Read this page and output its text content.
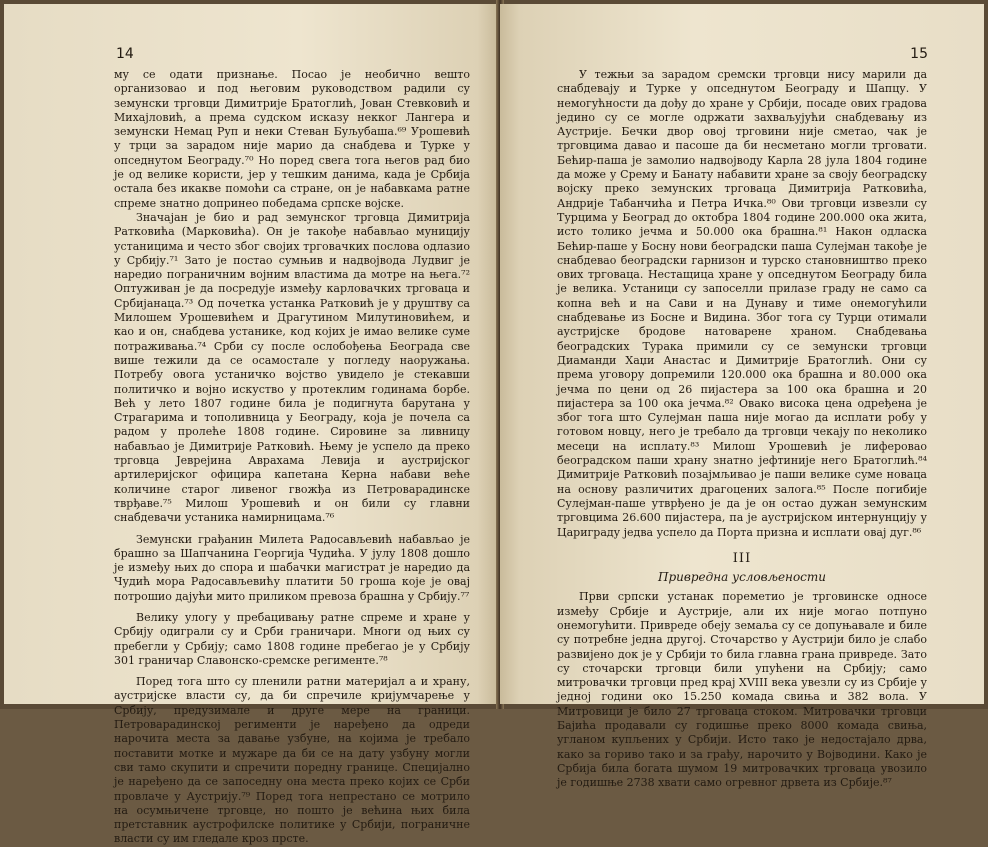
14

му се одати признање. Посао је необично вешто организовао и под његовим руководством радили су земунски трговци Димитрије Братоглић, Јован Стевковић и Михајловић, а према судском исказу некког Лангера и земунски Немац Руп и неки Стеван Буљубаша.⁶⁹ Урошевић у трци за зарадом није марио да снабдева и Турке у опседнутом Београду.⁷⁰ Но поред свега тога његов рад био је од велике користи, јер у тешким данима, када је Србија остала без икакве помоћи са стране, он је набавкама ратне спреме знатно допринео победама српске војске.

Значајан је био и рад земунског трговца Димитрија Ратковића (Марковића). Он је такође набављао муницију устаницима и често због својих трговачких послова одлазио у Србију.⁷¹ Зато је постао сумњив и надвојвода Лудвиг је наредио пограничним војним властима да мотре на њега.⁷² Оптуживан је да посредује између карловачких трговаца и Србијанаца.⁷³ Од почетка устанка Ратковић је у друштву са Милошем Урошевићем и Драгутином Милутиновићем, и као и он, снабдева устанике, код којих је имао велике суме потраживања.⁷⁴ Срби су после ослобођења Београда све више тежили да се осамосталe у погледу наоружања. Потребу овога устаничко војство увидело је стекавши политичко и војно искуство у протеклим годинама борбе. Већ у лето 1807 године била је подигнута барутана у Страгарима и тополивница у Београду, која је почела са радом у пролеће 1808 године. Сировине за ливницу набављао је Димитрије Ратковић. Њему је успело да преко трговца Јеврејина Аврахама Левија и аустријског артилеријског официра капетана Керна набави веће количине старог ливеног гвожђа из Петроварадинске тврђаве.⁷⁵ Милош Урошевић и он били су главни снабдевачи устаника намирницама.⁷⁶

Земунски грађанин Милета Радосављевић набављао је брашно за Шапчанина Георгија Чудића. У јулу 1808 дошло је између њих до спора и шабачки магистрат је наредио да Чудић мора Радосављевићу платити 50 гроша које је овај потрошио дајући мито приликом превоза брашна у Србију.⁷⁷

Велику улогу у пребацивању ратне спреме и хране у Србију одиграли су и Срби граничари. Многи од њих су пребегли у Србију; само 1808 године пребегао је у Србију 301 граничар Славонско-сремске регименте.⁷⁸

Поред тога што су пленили ратни материјал а и храну, аустријске власти су, да би спречиле кријумчарење у Србију, предузимале и друге мере на граници. Петроварадинској регименти је наређено да одреди нарочита места за давање узбуне, на којима је требало поставити мотке и мужаре да би се на дату узбуну могли сви тамо скупити и спречити поредну границе. Специјално је наређено да се запоседну она места преко којих се Срби провлаче у Аустрију.⁷⁹ Поред тога непрестано се мотрило на осумњичене трговце, но пошто је већина њих била претставник аустрофилске политике у Србији, пограничне власти су им гледале кроз прсте.

15

У тежњи за зарадом сремски трговци нису марили да снабдевају и Турке у опседнутом Београду и Шапцу. У немогућности да дођу до хране у Србији, посаде ових градова једино су се могле одржати захваљујући снабдевању из Аустрије. Бечки двор овој трговини није сметао, чак је трговцима давао и пасоше да би несметано могли трговати. Бећир-паша је замолио надвојводу Карла 28 јула 1804 године да може у Срему и Банату набавити хране за своју београдску војску преко земунских трговаца Димитрија Ратковића, Андрије Табанчића и Петра Ичка.⁸⁰ Ови трговци извезли су Турцима у Београд до октобра 1804 године 200.000 ока жита, исто толико јечма и 50.000 ока брашна.⁸¹ Након одласка Бећир-паше у Босну нови београдски паша Сулејман такође је снабдевао београдски гарнизон и турско становништво преко ових трговаца. Нестащица хране у опседнутом Београду била је велика. Устаници су запоселли прилазе граду не само са копна већ и на Сави и на Дунаву и тиме онемогућили снабдевање из Босне и Видина. Због тога су Турци отимали аустријске бродове натоварене храном. Снабдевања београдских Турака примили су се земунски трговци Диаманди Хаџи Анастас и Димитрије Братоглић. Они су према уговору допремили 120.000 ока брашна и 80.000 ока јечма по цени од 26 пијастера за 100 ока брашна и 20 пијастера за 100 ока јечма.⁸² Овако висока цена одређена је због тога што Сулејман паша није могао да исплати робу у готовом новцу, него је требало да трговци чекају по неколико месеци на исплату.⁸³ Милош Урошевић је лиферовао београдском паши храну знатно јефтиније него Братоглић.⁸⁴ Димитрије Ратковић позајмљивао је паши велике суме новаца на основу различитих драгоцених залога.⁸⁵ После погибије Сулејман-паше утврђено је да је он остао дужан земунским трговцима 26.600 пијастера, па је аустријском интернунцију у Цариграду једва успело да Порта призна и исплати овај дуг.⁸⁶

III
Привредна условљености

Први српски устанак пореметио је трговинске односе између Србије и Аустрије, али их није могао потпуно онемогућити. Привреде обеју земаља су се допуњавале и биле су потребне једна другој. Сточарство у Аустрији било је слабо развијено док је у Србији то била главна грана привреде. Зато су сточарски трговци били упућени на Србију; само митровачки трговци пред крај XVIII века увезли су из Србије у једној години око 15.250 комада свиња и 382 вола. У Митровици је било 27 трговаца стоком. Митровачки трговци Бајића продавали су годишње преко 8000 комада свиња, угланом купљених у Србији. Исто тако је недостајало дрва, како за гориво тако и за грађу, нарочито у Војводини. Како је Србија била богата шумом 19 митровачких трговаца увозило је годишње 2738 хвати само огревног дрвета из Србије.⁸⁷
